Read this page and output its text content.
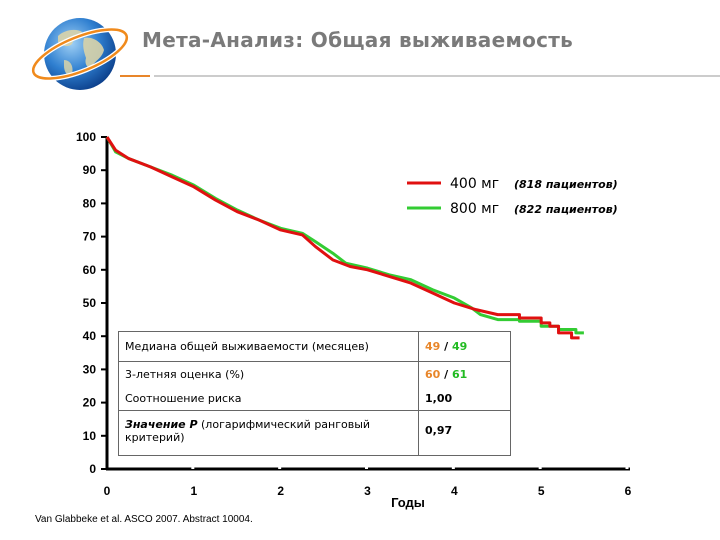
Мета-Анализ: Общая выживаемость
0
10
20
30
40
50
60
70
80
90
100
0	1	2	3	4	5	6
Годы
400 мг (818 пациентов)
800 мг (822 пациентов)
Медиана общей выживаемости (месяцев)	49 / 49
3-летняя оценка (%)	60 / 61
Соотношение риска	1,00
Значение P (логарифмический ранговый критерий)	0,97
Van Glabbeke et al. ASCO 2007. Abstract 10004.
